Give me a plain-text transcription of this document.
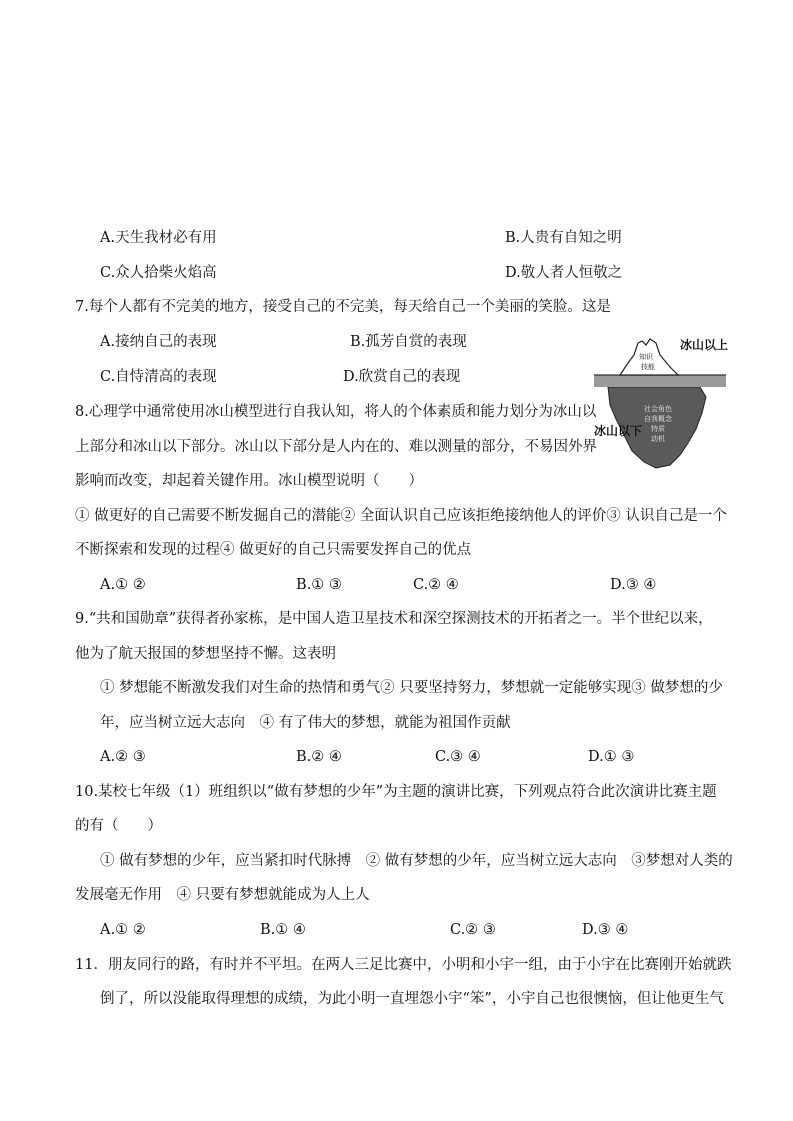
A.天生我材必有用	B.人贵有自知之明
C.众人拾柴火焰高	D.敬人者人恒敬之
7.每个人都有不完美的地方，接受自己的不完美，每天给自己一个美丽的笑脸。这是
A.接纳自己的表现	B.孤芳自赏的表现
C.自恃清高的表现	D.欣赏自己的表现
知识
技能
社会角色
自我概念
特质
动机
冰山以上
冰山以下
8.心理学中通常使用冰山模型进行自我认知，将人的个体素质和能力划分为冰山以
上部分和冰山以下部分。冰山以下部分是人内在的、难以测量的部分，不易因外界
影响而改变，却起着关键作用。冰山模型说明（　　）
① 做更好的自己需要不断发掘自己的潜能② 全面认识自己应该拒绝接纳他人的评价③ 认识自己是一个
不断探索和发现的过程④ 做更好的自己只需要发挥自己的优点
A.① ②	B.① ③	C.② ④	D.③ ④
9.“共和国勋章”获得者孙家栋，是中国人造卫星技术和深空探测技术的开拓者之一。半个世纪以来，
他为了航天报国的梦想坚持不懈。这表明
① 梦想能不断激发我们对生命的热情和勇气② 只要坚持努力，梦想就一定能够实现③ 做梦想的少
年，应当树立远大志向　④ 有了伟大的梦想，就能为祖国作贡献
A.② ③	B.② ④	C.③ ④	D.① ③
10.某校七年级（1）班组织以“做有梦想的少年”为主题的演讲比赛，下列观点符合此次演讲比赛主题
的有（　　）
① 做有梦想的少年，应当紧扣时代脉搏　② 做有梦想的少年，应当树立远大志向　③梦想对人类的
发展毫无作用　④ 只要有梦想就能成为人上人
A.① ②	B.① ④	C.② ③	D.③ ④
11．朋友同行的路，有时并不平坦。在两人三足比赛中，小明和小宇一组，由于小宇在比赛刚开始就跌
倒了，所以没能取得理想的成绩，为此小明一直埋怨小宇“笨”，小宇自己也很懊恼，但让他更生气
